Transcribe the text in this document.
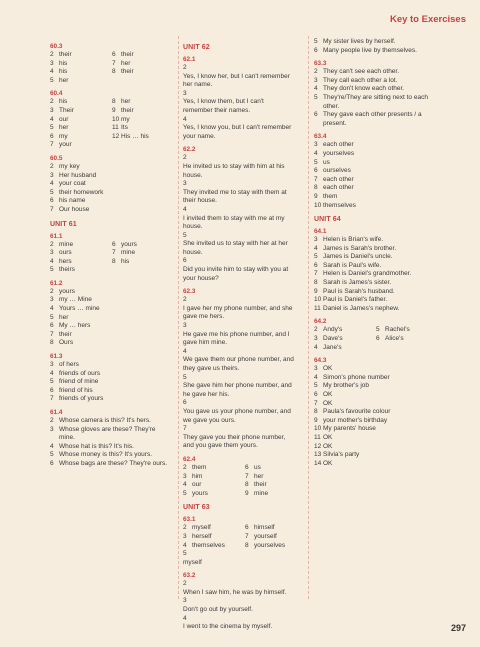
Key to Exercises
60.3
2 their	6 their
3 his	7 her
4 his	8 their
5 her
60.4
2 his	8 her
3 Their	9 their
4 our	10 my
5 her	11 Its
6 my	12 His … his
7 your
60.5
2 my key
3 Her husband
4 your coat
5 their homework
6 his name
7 Our house
UNIT 61
61.1
2 mine	6 yours
3 ours	7 mine
4 hers	8 his
5 theirs
61.2
2 yours
3 my … Mine
4 Yours … mine
5 her
6 My … hers
7 their
8 Ours
61.3
3 of hers
4 friends of ours
5 friend of mine
6 friend of his
7 friends of yours
61.4
2 Whose camera is this? It's hers.
3 Whose gloves are these? They're mine.
4 Whose hat is this? It's his.
5 Whose money is this? It's yours.
6 Whose bags are these? They're ours.
UNIT 62
62.1
2Yes, I know her, but I can't remember her name.
3Yes, I know them, but I can't remember their names.
4Yes, I know you, but I can't remember your name.
62.2
2He invited us to stay with him at his house.
3They invited me to stay with them at their house.
4I invited them to stay with me at my house.
5She invited us to stay with her at her house.
6Did you invite him to stay with you at your house?
62.3
2I gave her my phone number, and she gave me hers.
3He gave me his phone number, and I gave him mine.
4We gave them our phone number, and they gave us theirs.
5She gave him her phone number, and he gave her his.
6You gave us your phone number, and we gave you ours.
7They gave you their phone number, and you gave them yours.
62.4
2 them	6 us
3 him	7 her
4 our	8 their
5 yours	9 mine
UNIT 63
63.1
2 myself	6 himself
3 herself	7 yourself
4 themselves	8 yourselves
5myself
63.2
2When I saw him, he was by himself.
3Don't go out by yourself.
4I went to the cinema by myself.
5 My sister lives by herself.
6 Many people live by themselves.
63.3
2 They can't see each other.
3 They call each other a lot.
4 They don't know each other.
5 They're/They are sitting next to each other.
6 They gave each other presents / a present.
63.4
3 each other
4 yourselves
5 us
6 ourselves
7 each other
8 each other
9 them
10 themselves
UNIT 64
64.1
3 Helen is Brian's wife.
4 James is Sarah's brother.
5 James is Daniel's uncle.
6 Sarah is Paul's wife.
7 Helen is Daniel's grandmother.
8 Sarah is James's sister.
9 Paul is Sarah's husband.
10 Paul is Daniel's father.
11 Daniel is James's nephew.
64.2
2 Andy's	5 Rachel's
3 Dave's	6 Alice's
4 Jane's
64.3
3 OK
4 Simon's phone number
5 My brother's job
6 OK
7 OK
8 Paula's favourite colour
9 your mother's birthday
10 My parents' house
11 OK
12 OK
13 Silvia's party
14 OK
297
